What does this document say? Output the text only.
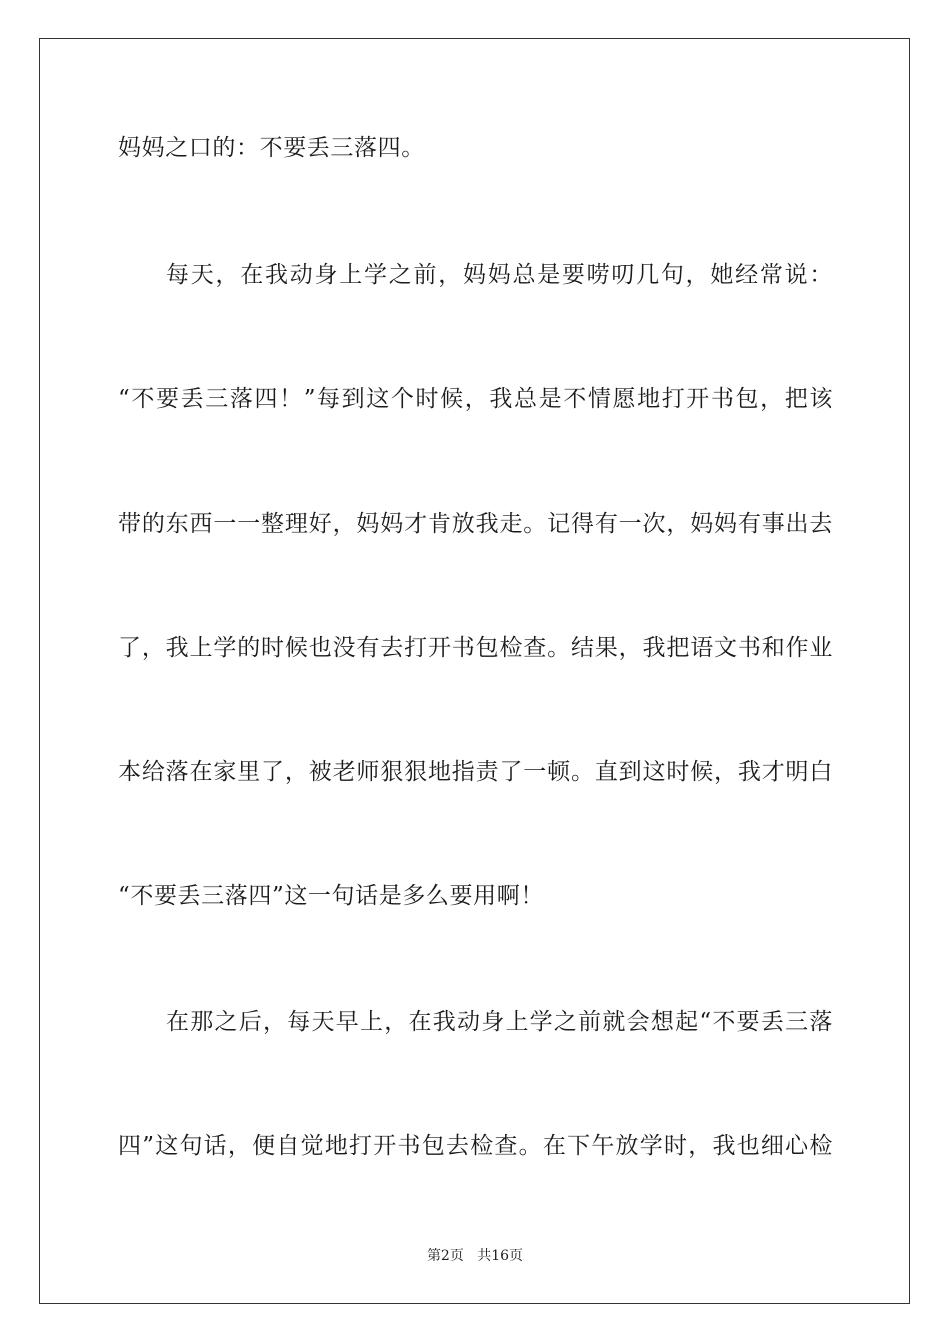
妈妈之口的：不要丢三落四。
每天，在我动身上学之前，妈妈总是要唠叨几句，她经常说：
“不要丢三落四！”每到这个时候，我总是不情愿地打开书包，把该
带的东西一一整理好，妈妈才肯放我走。记得有一次，妈妈有事出去
了，我上学的时候也没有去打开书包检查。结果，我把语文书和作业
本给落在家里了，被老师狠狠地指责了一顿。直到这时候，我才明白
“不要丢三落四”这一句话是多么要用啊！
在那之后，每天早上，在我动身上学之前就会想起“不要丢三落
四”这句话，便自觉地打开书包去检查。在下午放学时，我也细心检
第2页 共16页
